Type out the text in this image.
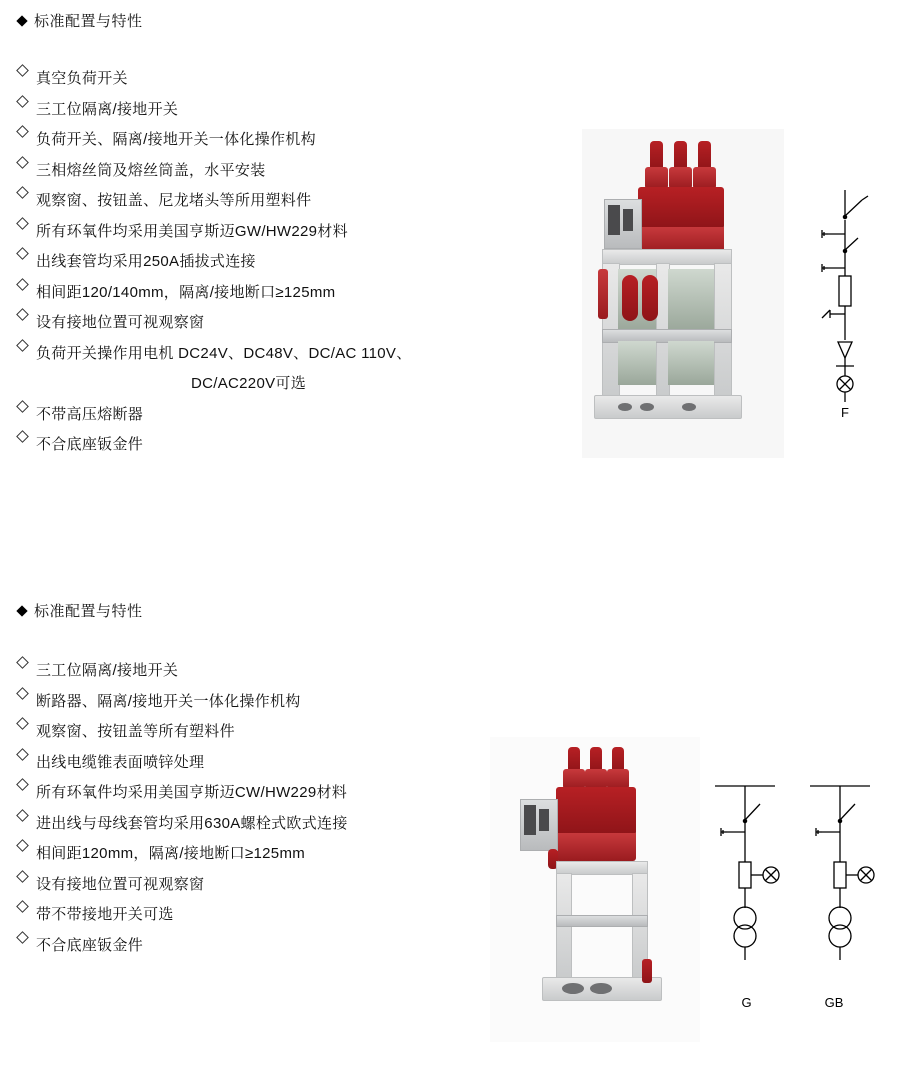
标准配置与特性
真空负荷开关
三工位隔离/接地开关
负荷开关、隔离/接地开关一体化操作机构
三相熔丝筒及熔丝筒盖，水平安装
观察窗、按钮盖、尼龙堵头等所用塑料件
所有环氧件均采用美国亨斯迈GW/HW229材料
出线套管均采用250A插拔式连接
相间距120/140mm，隔离/接地断口≥125mm
设有接地位置可视观察窗
负荷开关操作用电机 DC24V、DC48V、DC/AC 110V、
DC/AC220V可选
不带高压熔断器
不合底座钣金件
F
标准配置与特性
三工位隔离/接地开关
断路器、隔离/接地开关一体化操作机构
观察窗、按钮盖等所有塑料件
出线电缆锥表面喷锌处理
所有环氧件均采用美国亨斯迈CW/HW229材料
进出线与母线套管均采用630A螺栓式欧式连接
相间距120mm，隔离/接地断口≥125mm
设有接地位置可视观察窗
带不带接地开关可选
不合底座钣金件
G	GB
